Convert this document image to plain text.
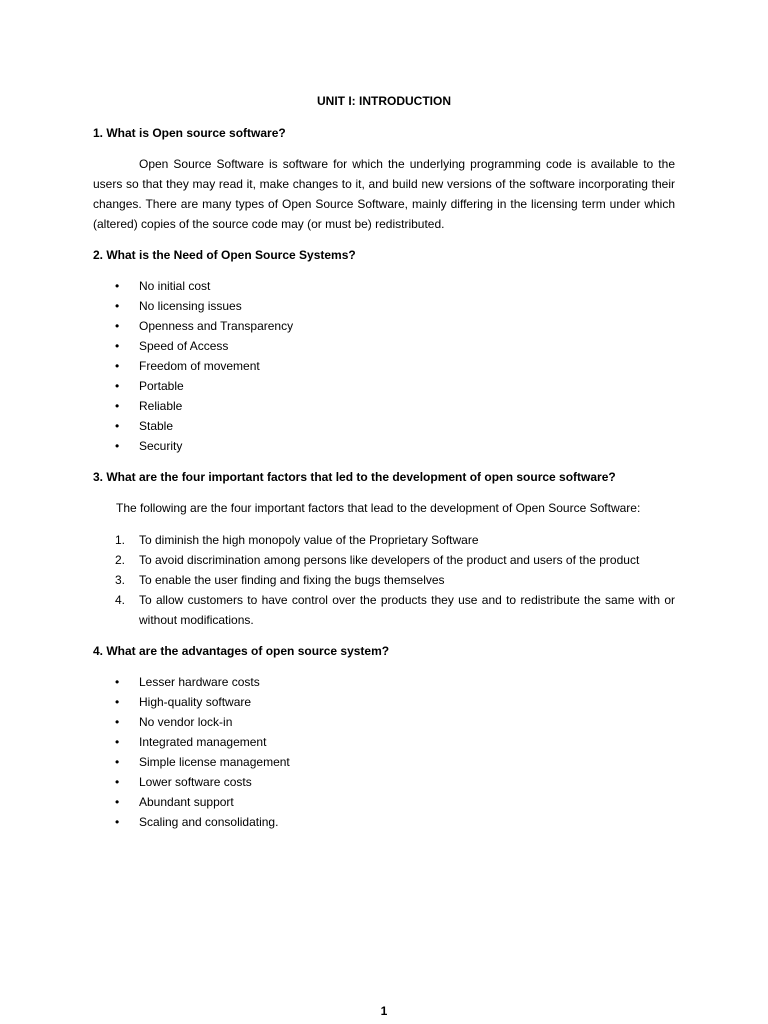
UNIT I: INTRODUCTION
1. What is Open source software?

Open Source Software is software for which the underlying programming code is available to the users so that they may read it, make changes to it, and build new versions of the software incorporating their changes. There are many types of Open Source Software, mainly differing in the licensing term under which (altered) copies of the source code may (or must be) redistributed.

2. What is the Need of Open Source Systems?
• No initial cost
• No licensing issues
• Openness and Transparency
• Speed of Access
• Freedom of movement
• Portable
• Reliable
• Stable
• Security
3. What are the four important factors that led to the development of open source software?

The following are the four important factors that lead to the development of Open Source Software:

1. To diminish the high monopoly value of the Proprietary Software
2. To avoid discrimination among persons like developers of the product and users of the product
3. To enable the user finding and fixing the bugs themselves
4. To allow customers to have control over the products they use and to redistribute the same with or without modifications.
4. What are the advantages of open source system?
• Lesser hardware costs
• High-quality software
• No vendor lock-in
• Integrated management
• Simple license management
• Lower software costs
• Abundant support
• Scaling and consolidating.
1
